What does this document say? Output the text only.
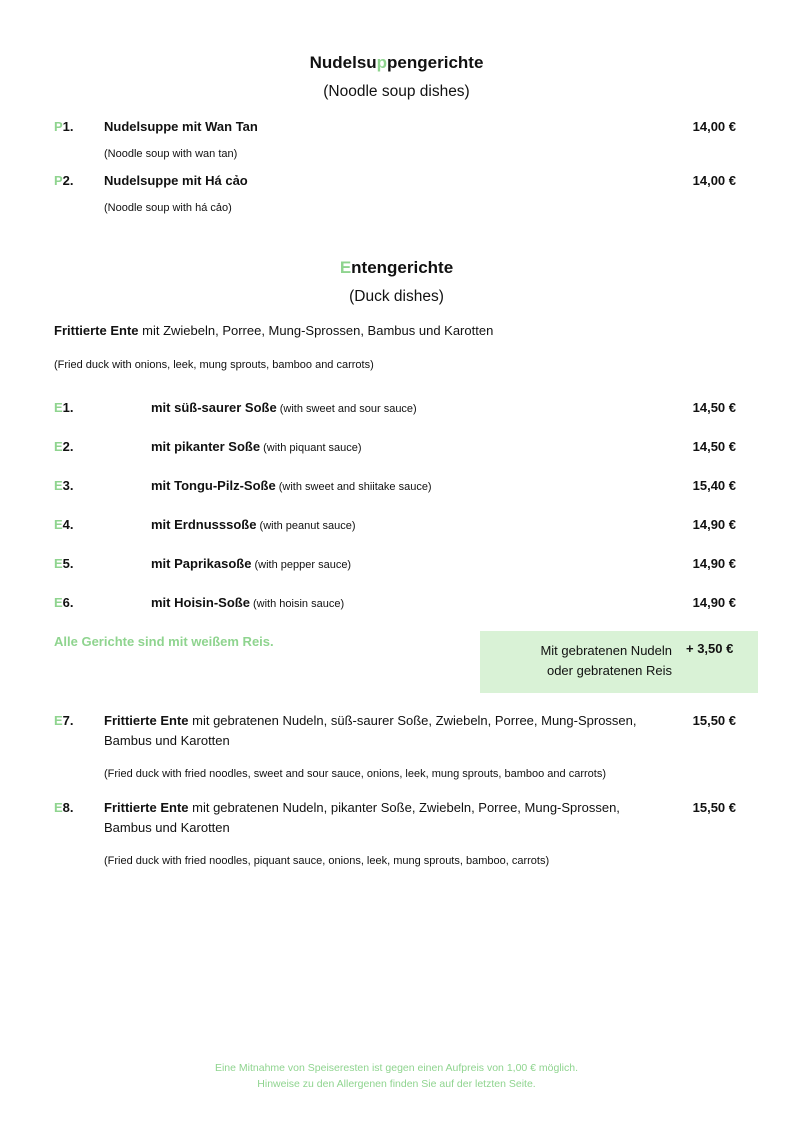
Nudelsuppengerichte
(Noodle soup dishes)
P1. Nudelsuppe mit Wan Tan	14,00 €
(Noodle soup with wan tan)
P2. Nudelsuppe mit Há cảo	14,00 €
(Noodle soup with há cảo)
Entengerichte
(Duck dishes)
Frittierte Ente mit Zwiebeln, Porree, Mung-Sprossen, Bambus und Karotten
(Fried duck with onions, leek, mung sprouts, bamboo and carrots)
E1.	mit süß-saurer Soße (with sweet and sour sauce)	14,50 €
E2.	mit pikanter Soße (with piquant sauce)	14,50 €
E3.	mit Tongu-Pilz-Soße (with sweet and shiitake sauce)	15,40 €
E4.	mit Erdnusssoße (with peanut sauce)	14,90 €
E5.	mit Paprikasoße (with pepper sauce)	14,90 €
E6.	mit Hoisin-Soße (with hoisin sauce)	14,90 €
Alle Gerichte sind mit weißem Reis.
Mit gebratenen Nudeln
oder gebratenen Reis
+ 3,50 €
E7. Frittierte Ente mit gebratenen Nudeln, süß-saurer Soße, Zwiebeln, Porree, Mung-Sprossen, Bambus und Karotten
15,50 €
(Fried duck with fried noodles, sweet and sour sauce, onions, leek, mung sprouts, bamboo and carrots)
E8. Frittierte Ente mit gebratenen Nudeln, pikanter Soße, Zwiebeln, Porree, Mung-Sprossen, Bambus und Karotten
15,50 €
(Fried duck with fried noodles, piquant sauce, onions, leek, mung sprouts, bamboo, carrots)
Eine Mitnahme von Speiseresten ist gegen einen Aufpreis von 1,00 € möglich.
Hinweise zu den Allergenen finden Sie auf der letzten Seite.
